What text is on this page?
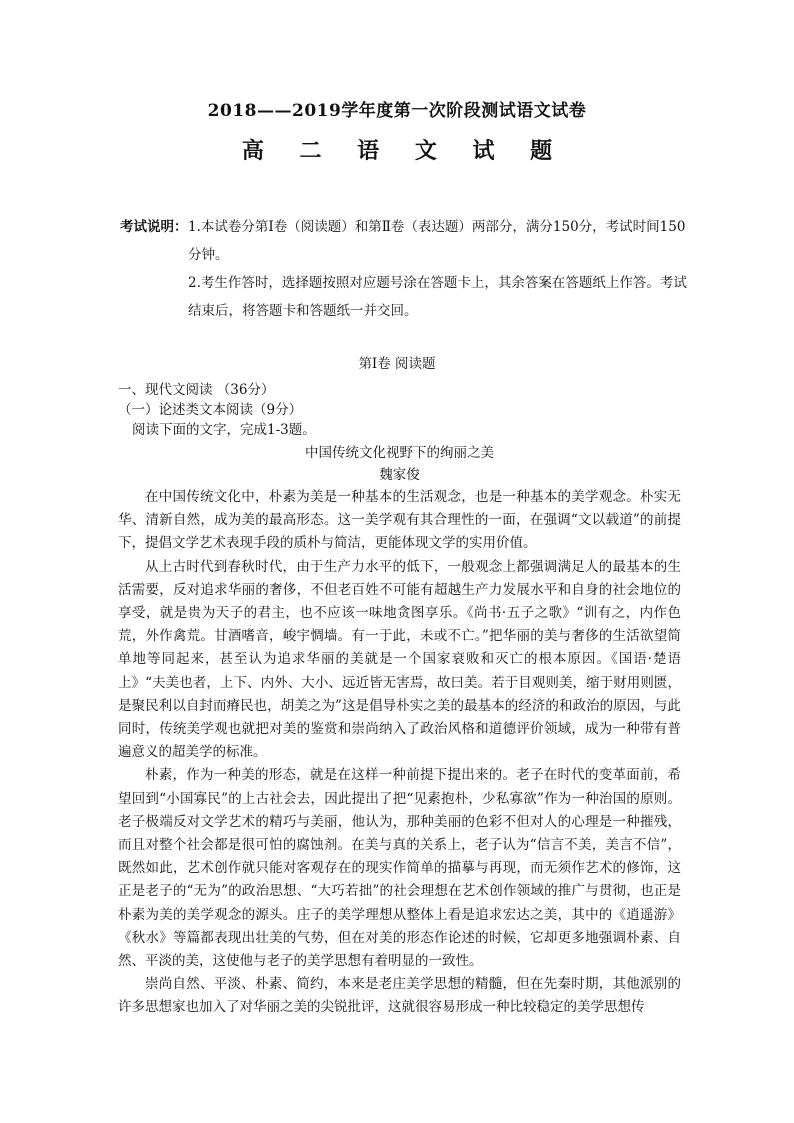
2018——2019学年度第一次阶段测试语文试卷
高 二 语 文 试 题
考试说明： 1.本试卷分第Ⅰ卷（阅读题）和第Ⅱ卷（表达题）两部分，满分150分，考试时间150分钟。
2.考生作答时，选择题按照对应题号涂在答题卡上，其余答案在答题纸上作答。考试结束后，将答题卡和答题纸一并交回。
第Ⅰ卷 阅读题
一、现代文阅读 （36分）
（一）论述类文本阅读（9分）
阅读下面的文字，完成1-3题。
中国传统文化视野下的绚丽之美
魏家俊

在中国传统文化中，朴素为美是一种基本的生活观念，也是一种基本的美学观念。朴实无华、清新自然，成为美的最高形态。这一美学观有其合理性的一面，在强调“文以载道”的前提下，提倡文学艺术表现手段的质朴与简洁，更能体现文学的实用价值。

从上古时代到春秋时代，由于生产力水平的低下，一般观念上都强调满足人的最基本的生活需要，反对追求华丽的奢侈，不但老百姓不可能有超越生产力发展水平和自身的社会地位的享受，就是贵为天子的君主，也不应该一味地贪图享乐。《尚书·五子之歌》“训有之，内作色荒，外作禽荒。甘酒嗜音，峻宇惆墙。有一于此，未或不亡。”把华丽的美与奢侈的生活欲望简单地等同起来，甚至认为追求华丽的美就是一个国家衰败和灭亡的根本原因。《国语·楚语上》“夫美也者，上下、内外、大小、远近皆无害焉，故曰美。若于目观则美，缩于财用则匮，是聚民利以自封而瘠民也，胡美之为”这是倡导朴实之美的最基本的经济的和政治的原因，与此同时，传统美学观也就把对美的鉴赏和崇尚纳入了政治风格和道德评价领域，成为一种带有普遍意义的超美学的标准。

朴素，作为一种美的形态，就是在这样一种前提下提出来的。老子在时代的变革面前，希望回到“小国寡民”的上古社会去，因此提出了把“见素抱朴，少私寡欲”作为一种治国的原则。老子极端反对文学艺术的精巧与美丽，他认为，那种美丽的色彩不但对人的心理是一种摧残，而且对整个社会都是很可怕的腐蚀剂。在美与真的关系上，老子认为“信言不美，美言不信”，既然如此，艺术创作就只能对客观存在的现实作简单的描摹与再现，而无须作艺术的修饰，这正是老子的“无为”的政治思想、“大巧若拙”的社会理想在艺术创作领域的推广与贯彻，也正是朴素为美的美学观念的源头。庄子的美学理想从整体上看是追求宏达之美，其中的《逍遥游》《秋水》等篇都表现出壮美的气势，但在对美的形态作论述的时候，它却更多地强调朴素、自然、平淡的美，这使他与老子的美学思想有着明显的一致性。

崇尚自然、平淡、朴素、简约，本来是老庄美学思想的精髓，但在先秦时期，其他派别的许多思想家也加入了对华丽之美的尖锐批评，这就很容易形成一种比较稳定的美学思想传
